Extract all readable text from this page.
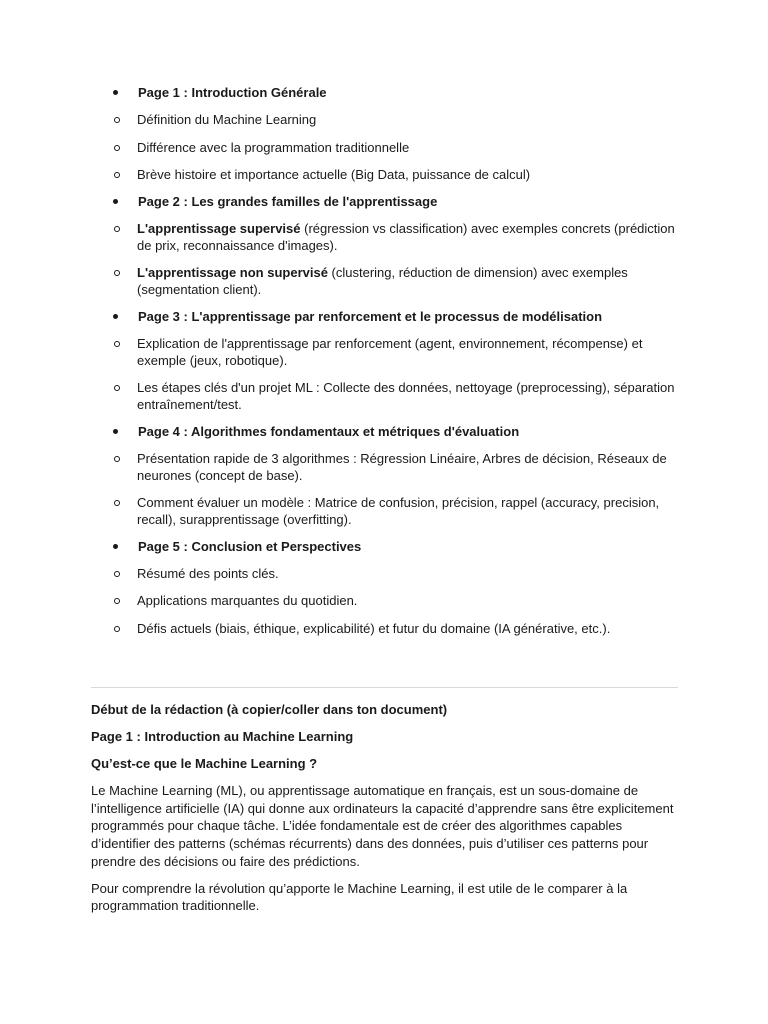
Page 1 : Introduction Générale
Définition du Machine Learning
Différence avec la programmation traditionnelle
Brève histoire et importance actuelle (Big Data, puissance de calcul)
Page 2 : Les grandes familles de l'apprentissage
L'apprentissage supervisé (régression vs classification) avec exemples concrets (prédiction de prix, reconnaissance d'images).
L'apprentissage non supervisé (clustering, réduction de dimension) avec exemples (segmentation client).
Page 3 : L'apprentissage par renforcement et le processus de modélisation
Explication de l'apprentissage par renforcement (agent, environnement, récompense) et exemple (jeux, robotique).
Les étapes clés d'un projet ML : Collecte des données, nettoyage (preprocessing), séparation entraînement/test.
Page 4 : Algorithmes fondamentaux et métriques d'évaluation
Présentation rapide de 3 algorithmes : Régression Linéaire, Arbres de décision, Réseaux de neurones (concept de base).
Comment évaluer un modèle : Matrice de confusion, précision, rappel (accuracy, precision, recall), surapprentissage (overfitting).
Page 5 : Conclusion et Perspectives
Résumé des points clés.
Applications marquantes du quotidien.
Défis actuels (biais, éthique, explicabilité) et futur du domaine (IA générative, etc.).

Début de la rédaction (à copier/coller dans ton document)

Page 1 : Introduction au Machine Learning

Qu’est-ce que le Machine Learning ?

Le Machine Learning (ML), ou apprentissage automatique en français, est un sous-domaine de l’intelligence artificielle (IA) qui donne aux ordinateurs la capacité d’apprendre sans être explicitement programmés pour chaque tâche. L’idée fondamentale est de créer des algorithmes capables d’identifier des patterns (schémas récurrents) dans des données, puis d’utiliser ces patterns pour prendre des décisions ou faire des prédictions.

Pour comprendre la révolution qu’apporte le Machine Learning, il est utile de le comparer à la programmation traditionnelle.
